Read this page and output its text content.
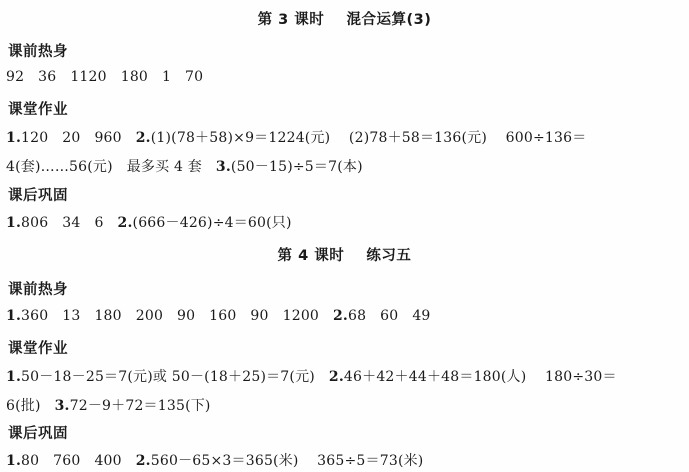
第 3 课时    混合运算(3)
课前热身
92   36   1120   180   1   70
课堂作业
1.120   20   960   2.(1)(78＋58)×9＝1224(元)    (2)78＋58＝136(元)    600÷136＝
4(套)……56(元)   最多买 4 套   3.(50－15)÷5＝7(本)
课后巩固
1.806   34   6   2.(666－426)÷4＝60(只)
第 4 课时    练习五
课前热身
1.360   13   180   200   90   160   90   1200   2.68   60   49
课堂作业
1.50－18－25＝7(元)或 50－(18＋25)＝7(元)   2.46＋42＋44＋48＝180(人)    180÷30＝
6(批)   3.72－9＋72＝135(下)
课后巩固
1.80   760   400   2.560－65×3＝365(米)    365÷5＝73(米)
